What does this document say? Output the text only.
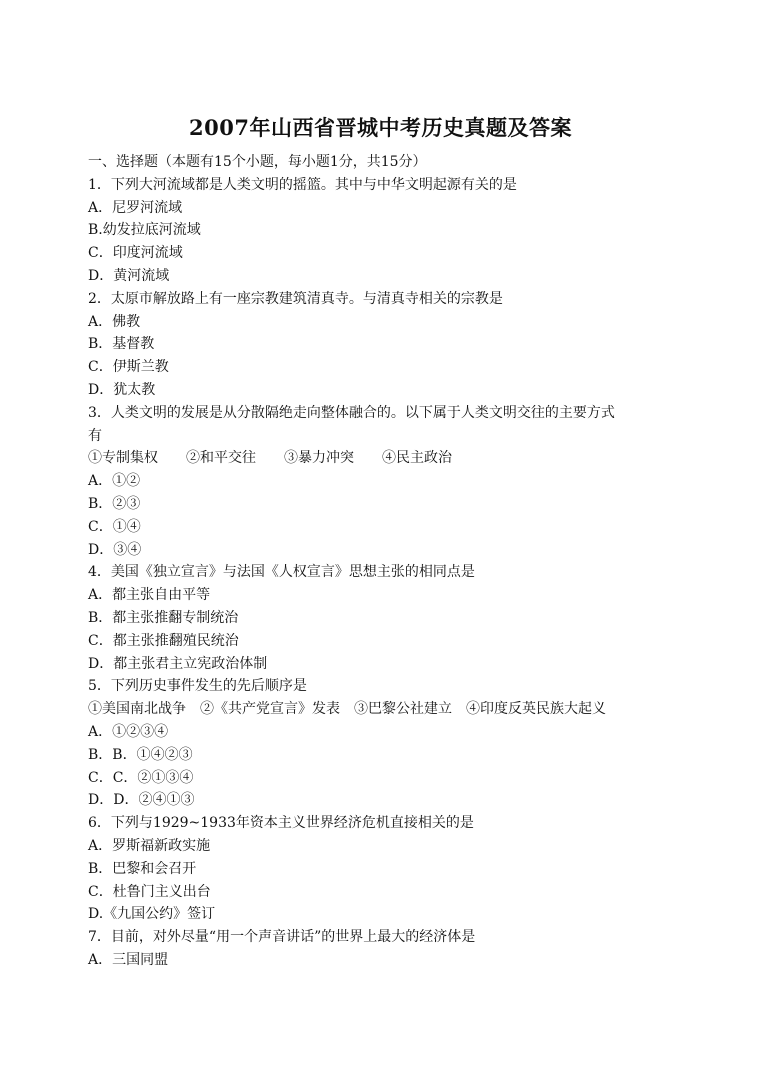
2007年山西省晋城中考历史真题及答案
一、选择题（本题有15个小题，每小题1分，共15分）
1．下列大河流域都是人类文明的摇篮。其中与中华文明起源有关的是
A．尼罗河流域
B.幼发拉底河流域
C．印度河流域
D．黄河流域
2．太原市解放路上有一座宗教建筑清真寺。与清真寺相关的宗教是
A．佛教
B．基督教
C．伊斯兰教
D．犹太教
3．人类文明的发展是从分散隔绝走向整体融合的。以下属于人类文明交往的主要方式
有
①专制集权　　②和平交往　　③暴力冲突　　④民主政治
A．①②
B．②③
C．①④
D．③④
4．美国《独立宣言》与法国《人权宣言》思想主张的相同点是
A．都主张自由平等
B．都主张推翻专制统治
C．都主张推翻殖民统治
D．都主张君主立宪政治体制
5．下列历史事件发生的先后顺序是
①美国南北战争　②《共产党宣言》发表　③巴黎公社建立　④印度反英民族大起义
A．①②③④
B．B．①④②③
C．C．②①③④
D．D．②④①③
6．下列与1929~1933年资本主义世界经济危机直接相关的是
A．罗斯福新政实施
B．巴黎和会召开
C．杜鲁门主义出台
D.《九国公约》签订
7．目前，对外尽量“用一个声音讲话”的世界上最大的经济体是
A．三国同盟
